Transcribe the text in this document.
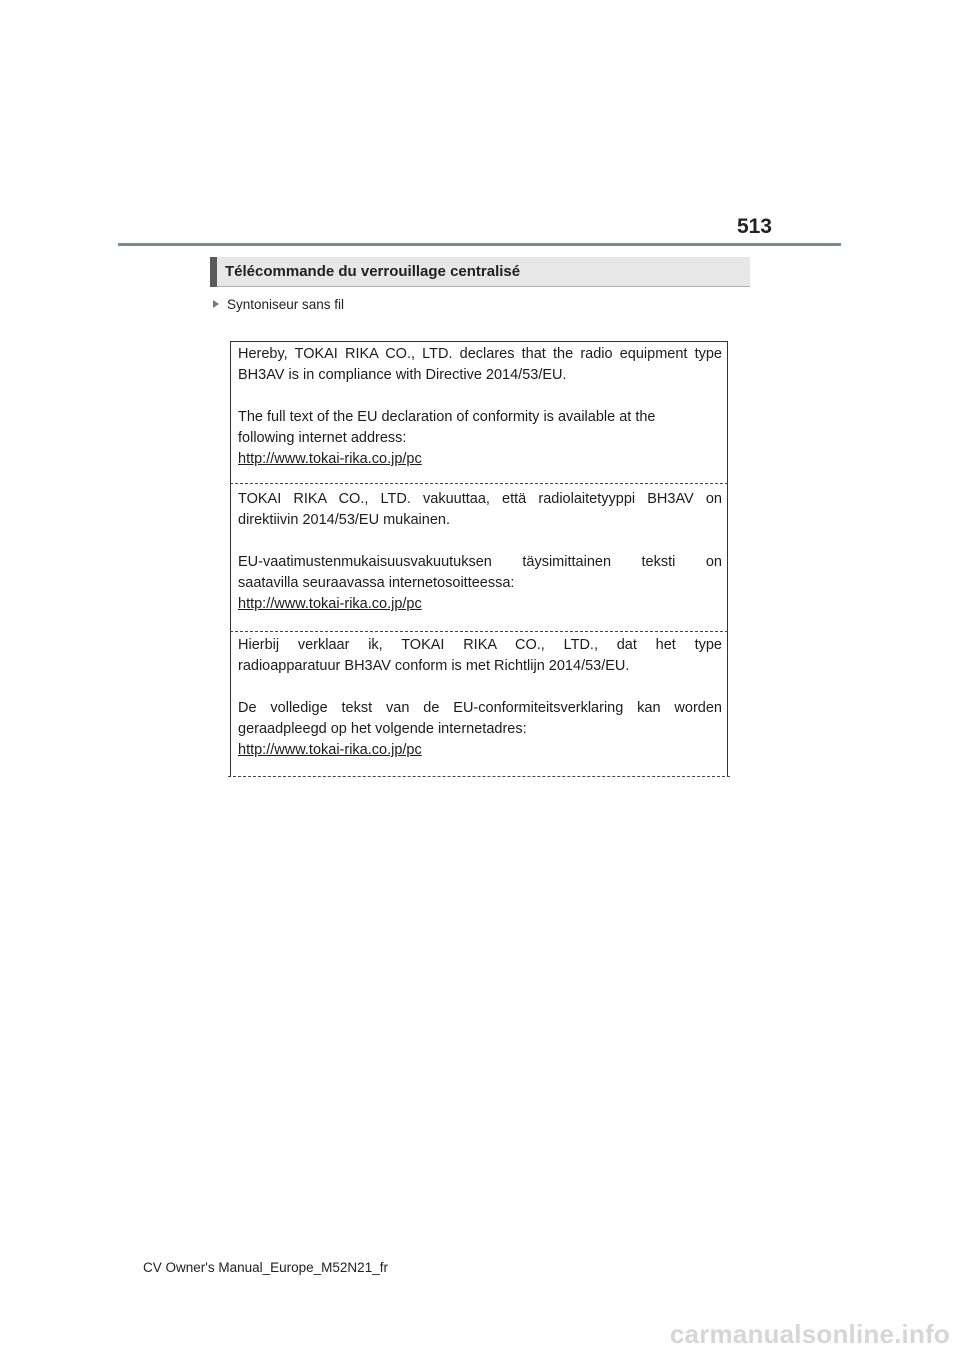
513
Télécommande du verrouillage centralisé
Syntoniseur sans fil

Hereby, TOKAI RIKA CO., LTD. declares that the radio equipment type

BH3AV is in compliance with Directive 2014/53/EU.

The full text of the EU declaration of conformity is available at the

following internet address:

http://www.tokai-rika.co.jp/pc

TOKAI RIKA CO., LTD. vakuuttaa, että radiolaitetyyppi BH3AV on

direktiivin 2014/53/EU mukainen.

EU-vaatimustenmukaisuusvakuutuksen täysimittainen teksti on

saatavilla seuraavassa internetosoitteessa:

http://www.tokai-rika.co.jp/pc

Hierbij verklaar ik, TOKAI RIKA CO., LTD., dat het type

radioapparatuur BH3AV conform is met Richtlijn 2014/53/EU.

De volledige tekst van de EU-conformiteitsverklaring kan worden

geraadpleegd op het volgende internetadres:

http://www.tokai-rika.co.jp/pc

CV Owner's Manual_Europe_M52N21_fr
carmanualsonline.info
